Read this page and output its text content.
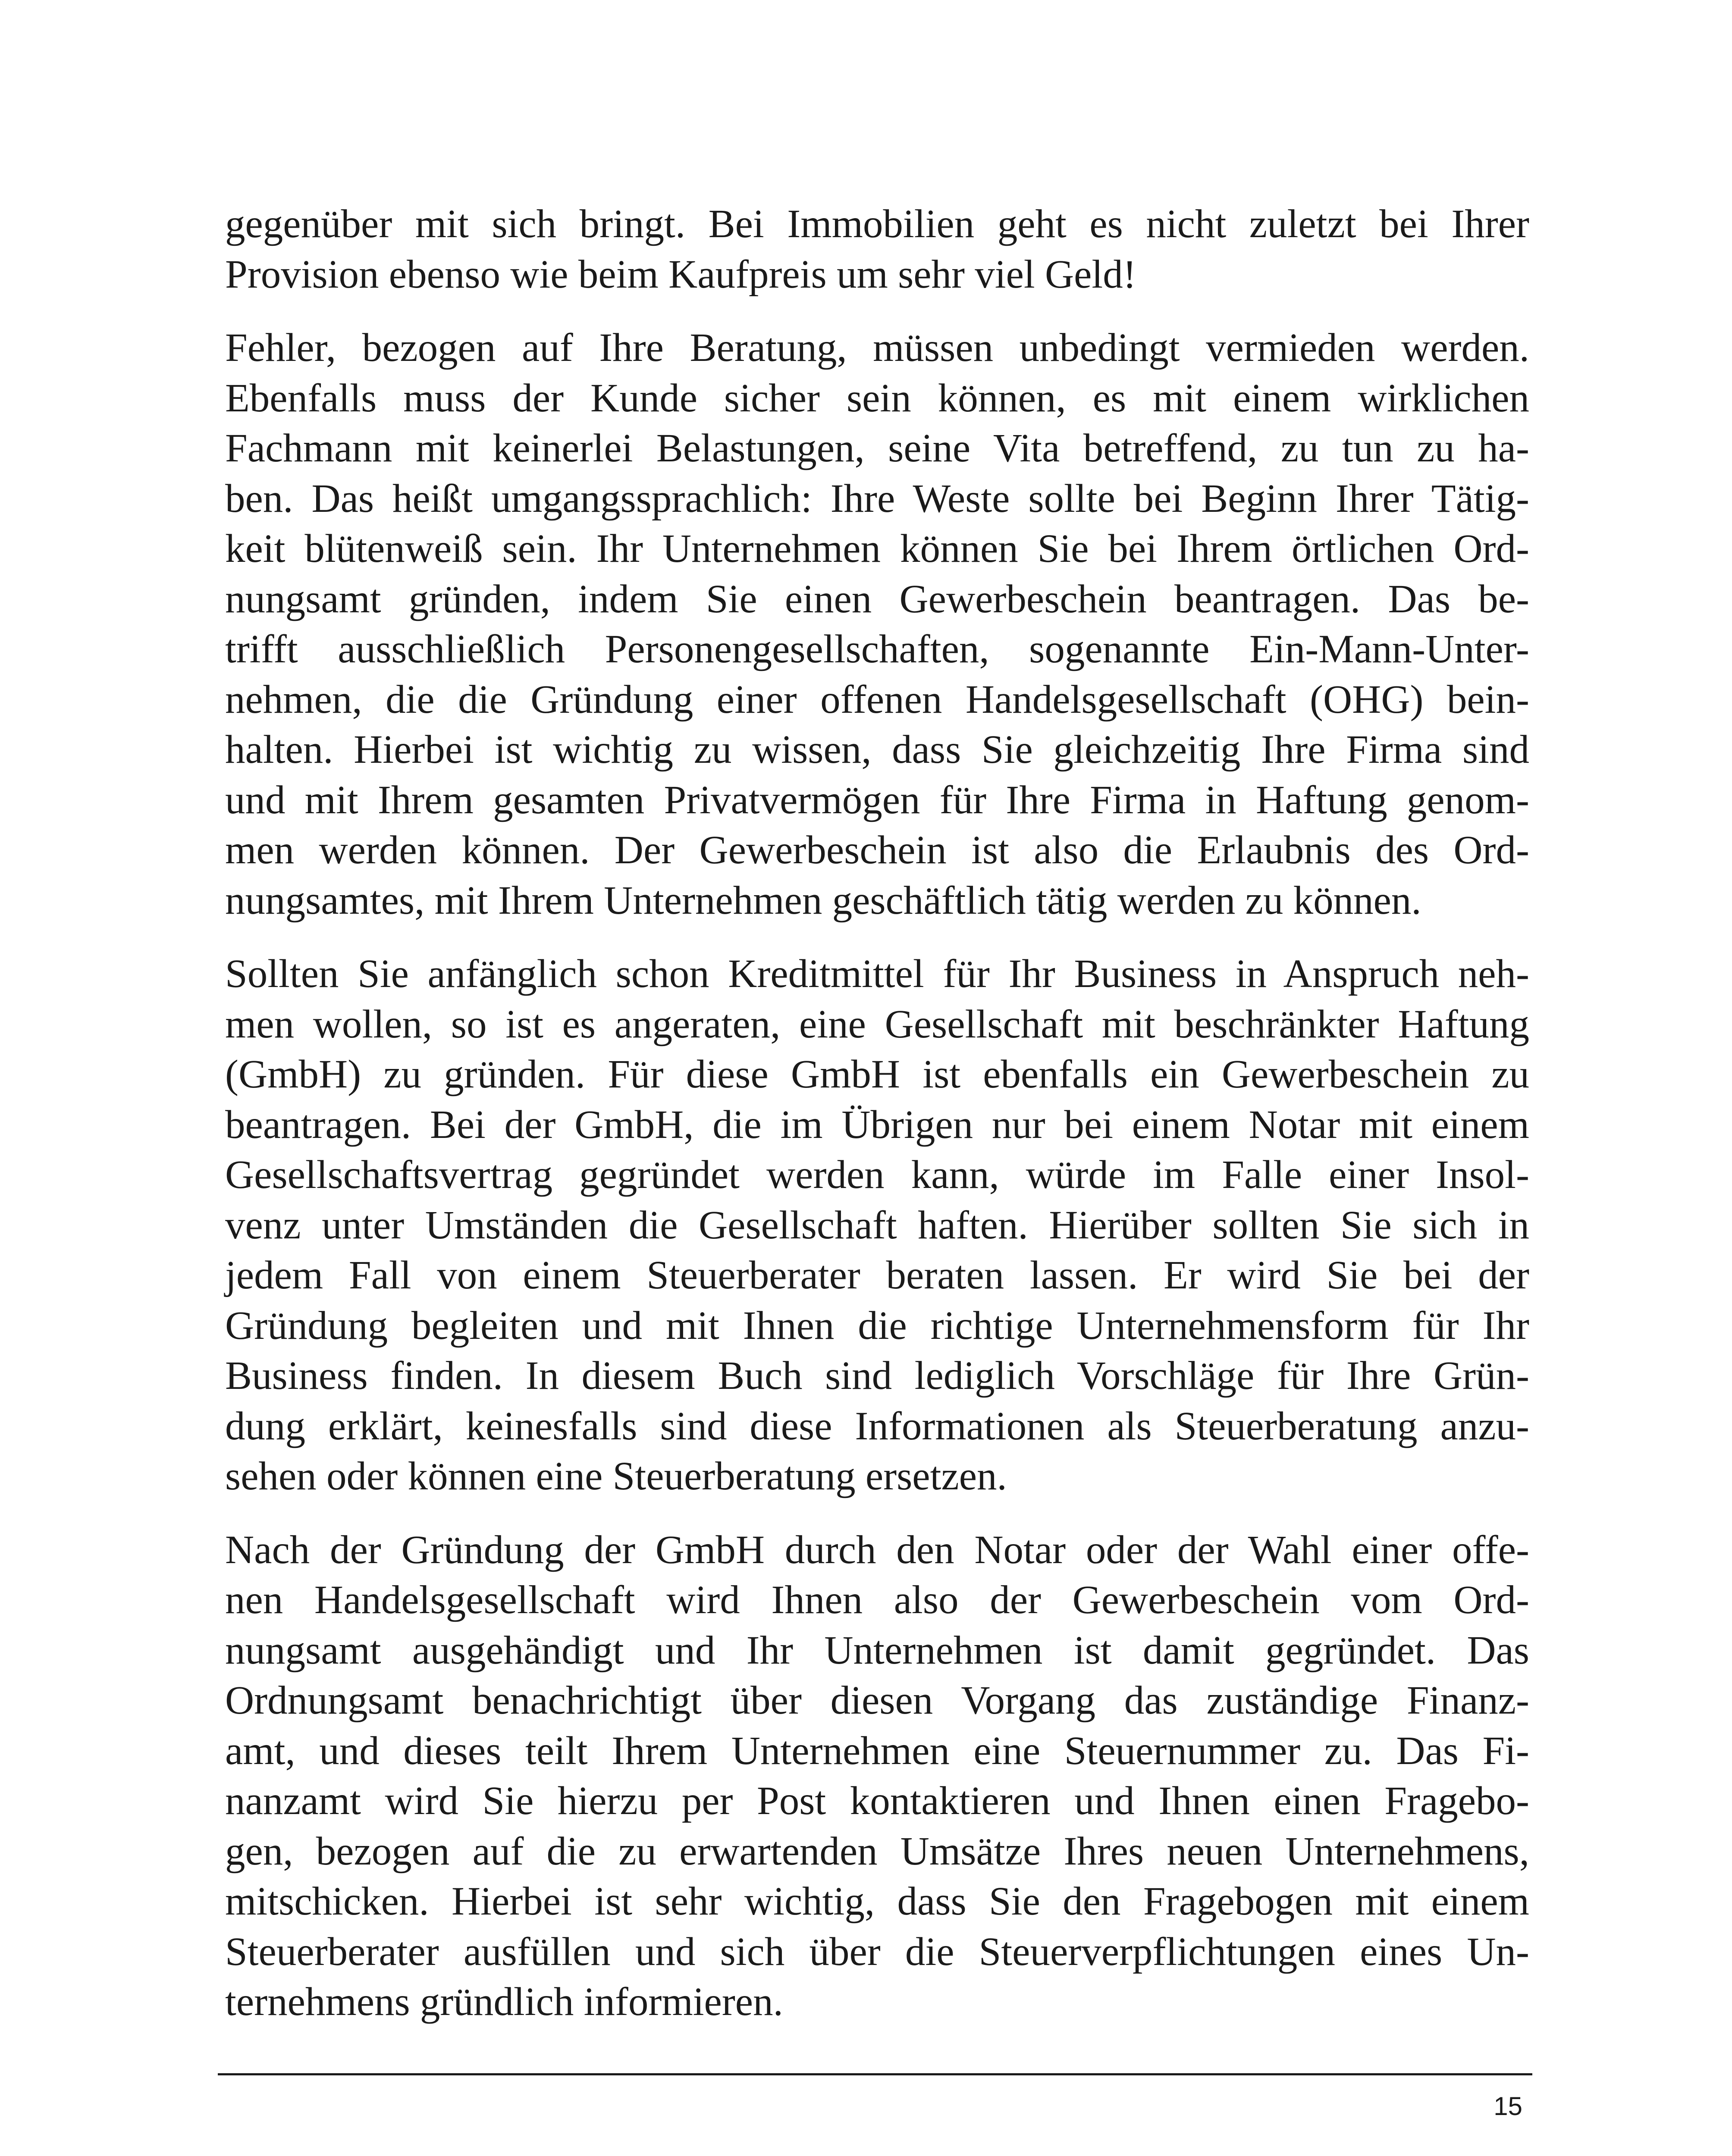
gegenüber mit sich bringt. Bei Immobilien geht es nicht zuletzt bei Ihrer
Provision ebenso wie beim Kaufpreis um sehr viel Geld!
Fehler, bezogen auf Ihre Beratung, müssen unbedingt vermieden werden.
Ebenfalls muss der Kunde sicher sein können, es mit einem wirklichen
Fachmann mit keinerlei Belastungen, seine Vita betreffend, zu tun zu ha-
ben. Das heißt umgangssprachlich: Ihre Weste sollte bei Beginn Ihrer Tätig-
keit blütenweiß sein. Ihr Unternehmen können Sie bei Ihrem örtlichen Ord-
nungsamt gründen, indem Sie einen Gewerbeschein beantragen. Das be-
trifft ausschließlich Personengesellschaften, sogenannte Ein-Mann-Unter-
nehmen, die die Gründung einer offenen Handelsgesellschaft (OHG) bein-
halten. Hierbei ist wichtig zu wissen, dass Sie gleichzeitig Ihre Firma sind
und mit Ihrem gesamten Privatvermögen für Ihre Firma in Haftung genom-
men werden können. Der Gewerbeschein ist also die Erlaubnis des Ord-
nungsamtes, mit Ihrem Unternehmen geschäftlich tätig werden zu können.
Sollten Sie anfänglich schon Kreditmittel für Ihr Business in Anspruch neh-
men wollen, so ist es angeraten, eine Gesellschaft mit beschränkter Haftung
(GmbH) zu gründen. Für diese GmbH ist ebenfalls ein Gewerbeschein zu
beantragen. Bei der GmbH, die im Übrigen nur bei einem Notar mit einem
Gesellschaftsvertrag gegründet werden kann, würde im Falle einer Insol-
venz unter Umständen die Gesellschaft haften. Hierüber sollten Sie sich in
jedem Fall von einem Steuerberater beraten lassen. Er wird Sie bei der
Gründung begleiten und mit Ihnen die richtige Unternehmensform für Ihr
Business finden. In diesem Buch sind lediglich Vorschläge für Ihre Grün-
dung erklärt, keinesfalls sind diese Informationen als Steuerberatung anzu-
sehen oder können eine Steuerberatung ersetzen.
Nach der Gründung der GmbH durch den Notar oder der Wahl einer offe-
nen Handelsgesellschaft wird Ihnen also der Gewerbeschein vom Ord-
nungsamt ausgehändigt und Ihr Unternehmen ist damit gegründet. Das
Ordnungsamt benachrichtigt über diesen Vorgang das zuständige Finanz-
amt, und dieses teilt Ihrem Unternehmen eine Steuernummer zu. Das Fi-
nanzamt wird Sie hierzu per Post kontaktieren und Ihnen einen Fragebo-
gen, bezogen auf die zu erwartenden Umsätze Ihres neuen Unternehmens,
mitschicken. Hierbei ist sehr wichtig, dass Sie den Fragebogen mit einem
Steuerberater ausfüllen und sich über die Steuerverpflichtungen eines Un-
ternehmens gründlich informieren.
15
